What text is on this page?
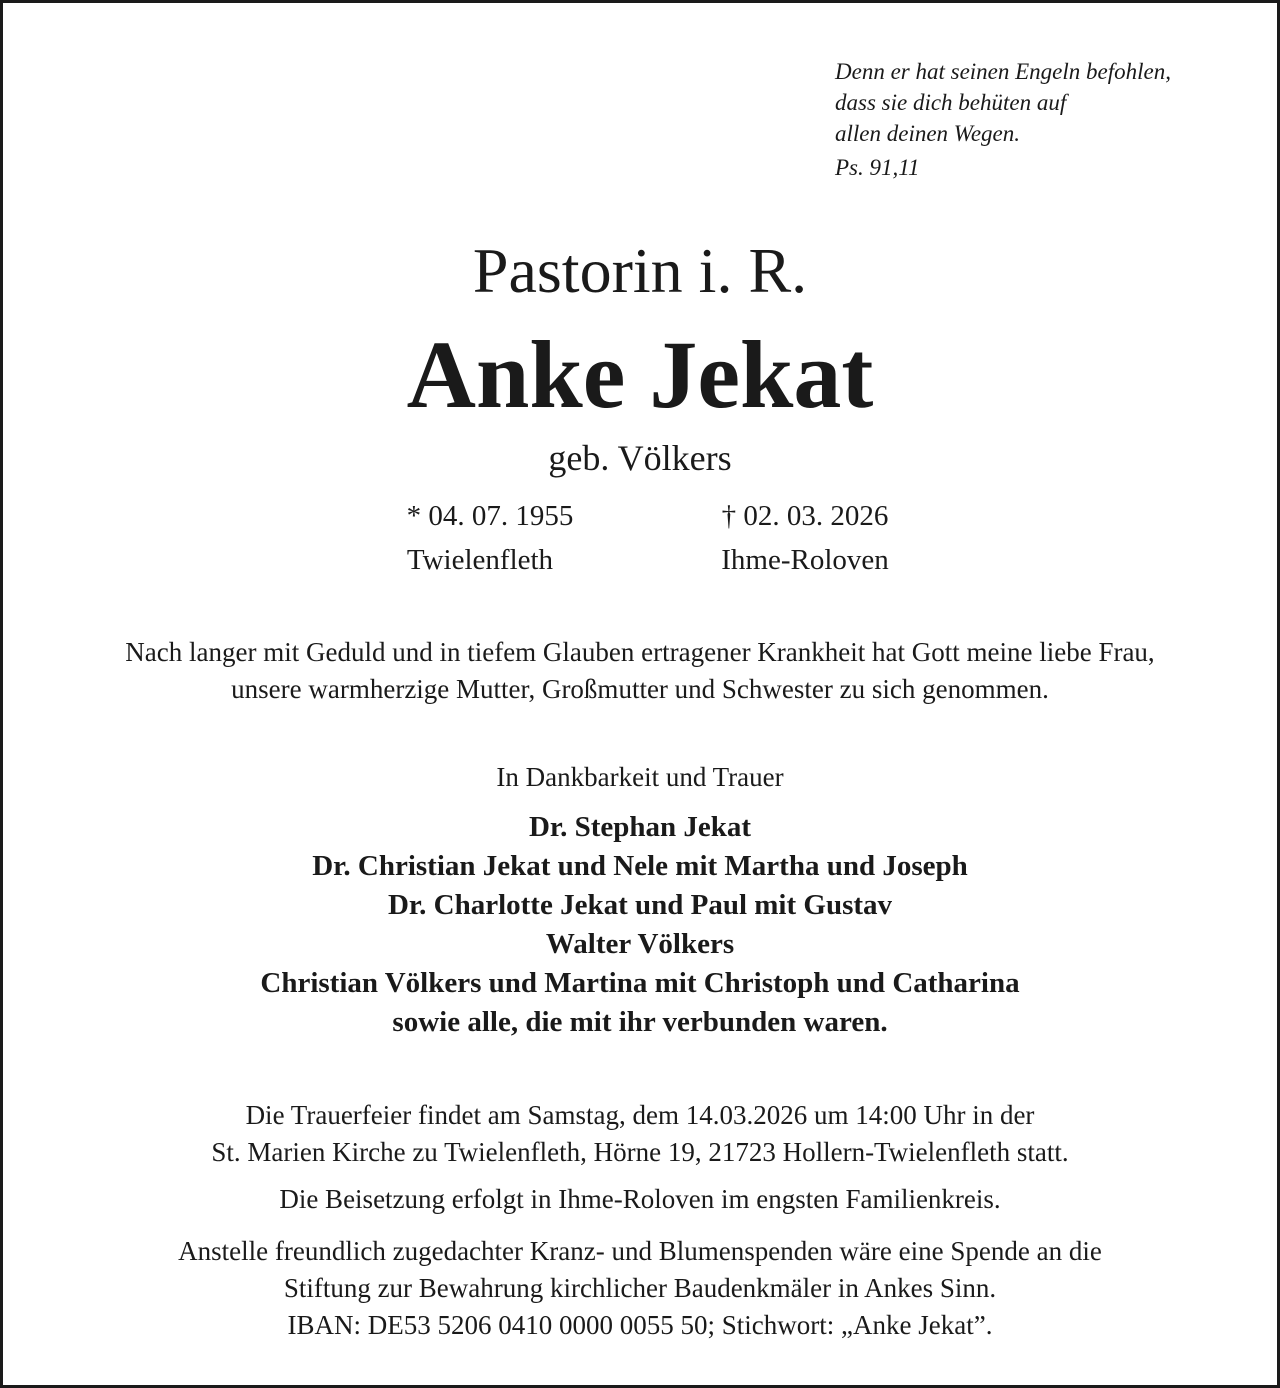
Denn er hat seinen Engeln befohlen,
dass sie dich behüten auf
allen deinen Wegen.
Ps. 91,11
Pastorin i. R.
Anke Jekat
geb. Völkers
* 04. 07. 1955	† 02. 03. 2026
Twielenfleth	Ihme-Roloven
Nach langer mit Geduld und in tiefem Glauben ertragener Krankheit hat Gott meine liebe Frau,
unsere warmherzige Mutter, Großmutter und Schwester zu sich genommen.
In Dankbarkeit und Trauer
Dr. Stephan Jekat
Dr. Christian Jekat und Nele mit Martha und Joseph
Dr. Charlotte Jekat und Paul mit Gustav
Walter Völkers
Christian Völkers und Martina mit Christoph und Catharina
sowie alle, die mit ihr verbunden waren.
Die Trauerfeier findet am Samstag, dem 14.03.2026 um 14:00 Uhr in der
St. Marien Kirche zu Twielenfleth, Hörne 19, 21723 Hollern-Twielenfleth statt.
Die Beisetzung erfolgt in Ihme-Roloven im engsten Familienkreis.
Anstelle freundlich zugedachter Kranz- und Blumenspenden wäre eine Spende an die
Stiftung zur Bewahrung kirchlicher Baudenkmäler in Ankes Sinn.
IBAN: DE53 5206 0410 0000 0055 50; Stichwort: „Anke Jekat”.
